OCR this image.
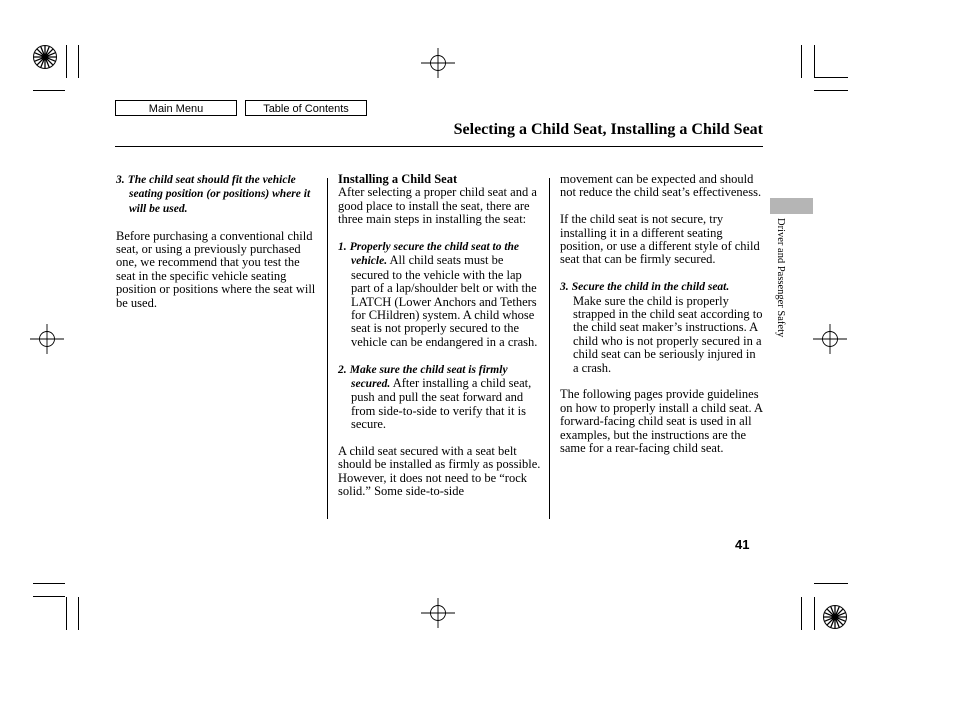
Main Menu	Table of Contents
Selecting a Child Seat, Installing a Child Seat

3. The child seat should fit the vehicle seating position (or positions) where it will be used.

Before purchasing a conventional child seat, or using a previously purchased one, we recommend that you test the seat in the specific vehicle seating position or positions where the seat will be used.

Installing a Child Seat

After selecting a proper child seat and a good place to install the seat, there are three main steps in installing the seat:

1. Properly secure the child seat to the vehicle. All child seats must be secured to the vehicle with the lap part of a lap/shoulder belt or with the LATCH (Lower Anchors and Tethers for CHildren) system. A child whose seat is not properly secured to the vehicle can be endangered in a crash.

2. Make sure the child seat is firmly secured. After installing a child seat, push and pull the seat forward and from side-to-side to verify that it is secure.

A child seat secured with a seat belt should be installed as firmly as possible. However, it does not need to be “rock solid.” Some side-to-side

movement can be expected and should not reduce the child seat’s effectiveness.

If the child seat is not secure, try installing it in a different seating position, or use a different style of child seat that can be firmly secured.

3. Secure the child in the child seat.
Make sure the child is properly strapped in the child seat according to the child seat maker’s instructions. A child who is not properly secured in a child seat can be seriously injured in a crash.

The following pages provide guidelines on how to properly install a child seat. A forward-facing child seat is used in all examples, but the instructions are the same for a rear-facing child seat.

Driver and Passenger Safety
41
